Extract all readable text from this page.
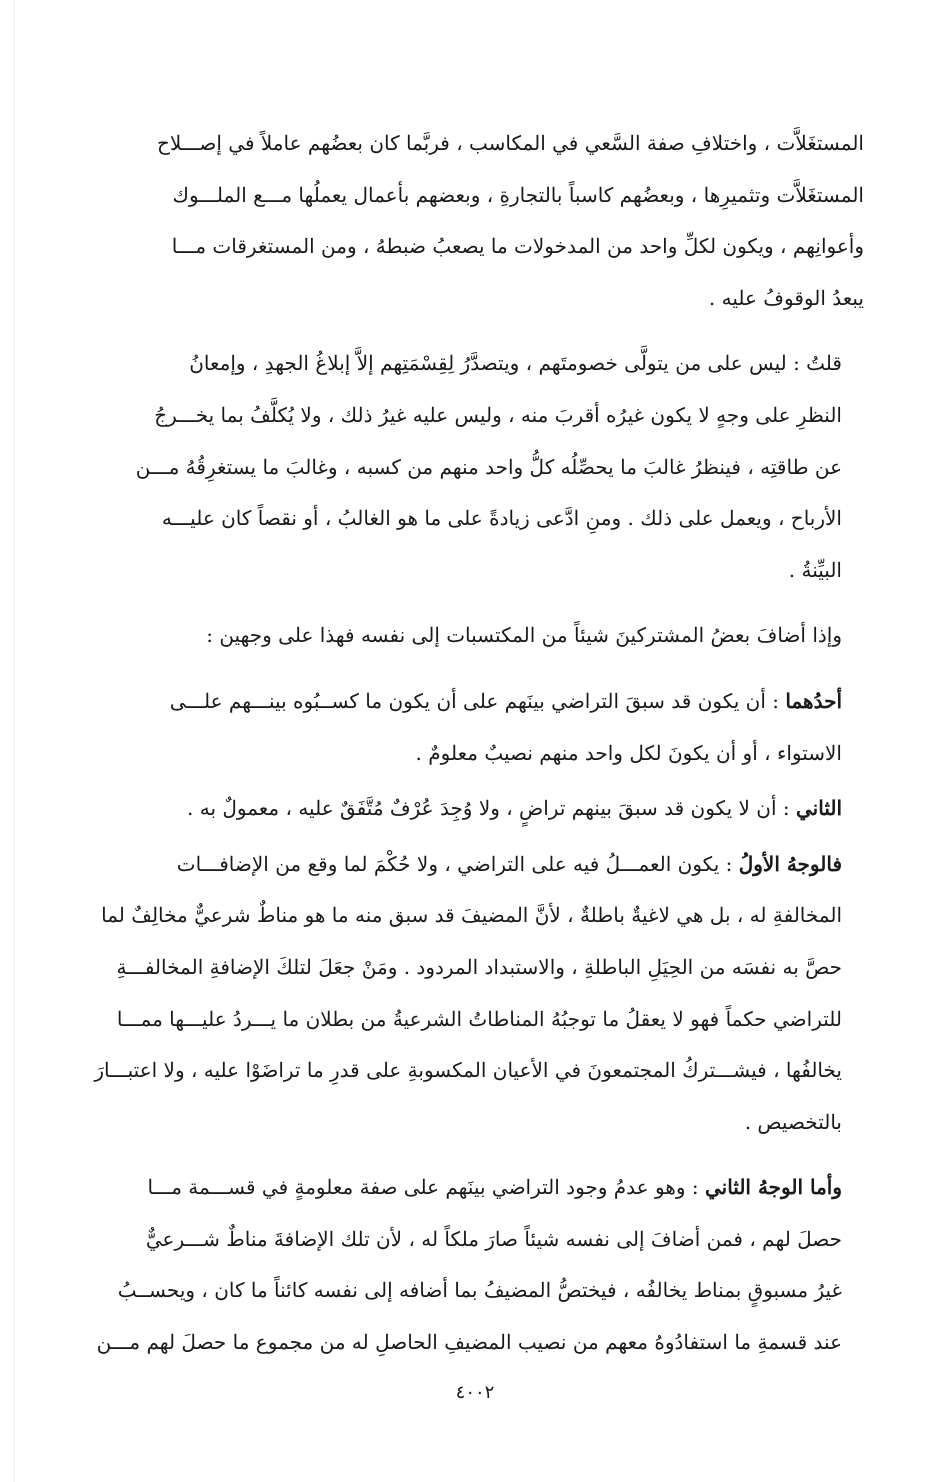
المستغَلاَّت ، واختلافِ صفة السَّعي في المكاسب ، فربَّما كان بعضُهم عاملاً في إصـــلاح
المستغَلاَّت وتثميرِها ، وبعضُهم كاسباً بالتجارةِ ، وبعضهم بأعمال يعملُها مـــع الملـــوك
وأعوانِهم ، ويكون لكلِّ واحد من المدخولات ما يصعبُ ضبطهُ ، ومن المستغرقات مـــا
يبعدُ الوقوفُ عليه .

قلتُ : ليس على من يتولَّى خصومتَهم ، ويتصدَّرُ لِقِسْمَتِهم إلاَّ إبلاغُ الجهدِ ، وإمعانُ
النظرِ على وجهٍ لا يكون غيرُه أقربَ منه ، وليس عليه غيرُ ذلك ، ولا يُكلَّفُ بما يخـــرجُ
عن طاقتِه ، فينظرُ غالبَ ما يحصِّلُه كلُّ واحد منهم من كسبه ، وغالبَ ما يستغرِقُهُ مـــن
الأرباح ، ويعمل على ذلك . ومنِ ادَّعى زيادةً على ما هو الغالبُ ، أو نقصاً كان عليـــه
البيِّنةُ .

وإذا أضافَ بعضُ المشتركينَ شيئاً من المكتسبات إلى نفسه فهذا على وجهين :

أحدُهما : أن يكون قد سبقَ التراضي بينَهم على أن يكون ما كســبُوه بينـــهم علـــى
الاستواء ، أو أن يكونَ لكل واحد منهم نصيبٌ معلومٌ .

الثاني : أن لا يكون قد سبقَ بينهم تراضٍ ، ولا وُجِدَ عُرْفٌ مُتَّفَقٌ عليه ، معمولٌ به .

فالوجهُ الأولُ : يكون العمـــلُ فيه على التراضي ، ولا حُكْمَ لما وقع من الإضافـــات
المخالفةِ له ، بل هي لاغيةٌ باطلةٌ ، لأنَّ المضيفَ قد سبق منه ما هو مناطٌ شرعيٌّ مخالِفٌ لما
حصَّ به نفسَه من الحِيَلِ الباطلةِ ، والاستبداد المردود . ومَنْ جعَلَ لتلكَ الإضافةِ المخالفـــةِ
للتراضي حكماً فهو لا يعقلُ ما توجبُهُ المناطاتُ الشرعيةُ من بطلان ما يـــردُ عليـــها ممـــا
يخالفُها ، فيشـــتركُ المجتمعونَ في الأعيان المكسوبةِ على قدرِ ما تراضَوْا عليه ، ولا اعتبـــارَ
بالتخصيص .

وأما الوجهُ الثاني : وهو عدمُ وجود التراضي بينَهم على صفة معلومةٍ في قســـمة مـــا
حصلَ لهم ، فمن أضافَ إلى نفسه شيئاً صارَ ملكاً له ، لأن تلك الإضافةَ مناطٌ شـــرعيٌّ
غيرُ مسبوقٍ بمناط يخالفُه ، فيختصُّ المضيفُ بما أضافه إلى نفسه كائناً ما كان ، ويحســبُ
عند قسمةِ ما استفادُوهُ معهم من نصيب المضيفِ الحاصلِ له من مجموع ما حصلَ لهم مـــن

٤٠٠٢
